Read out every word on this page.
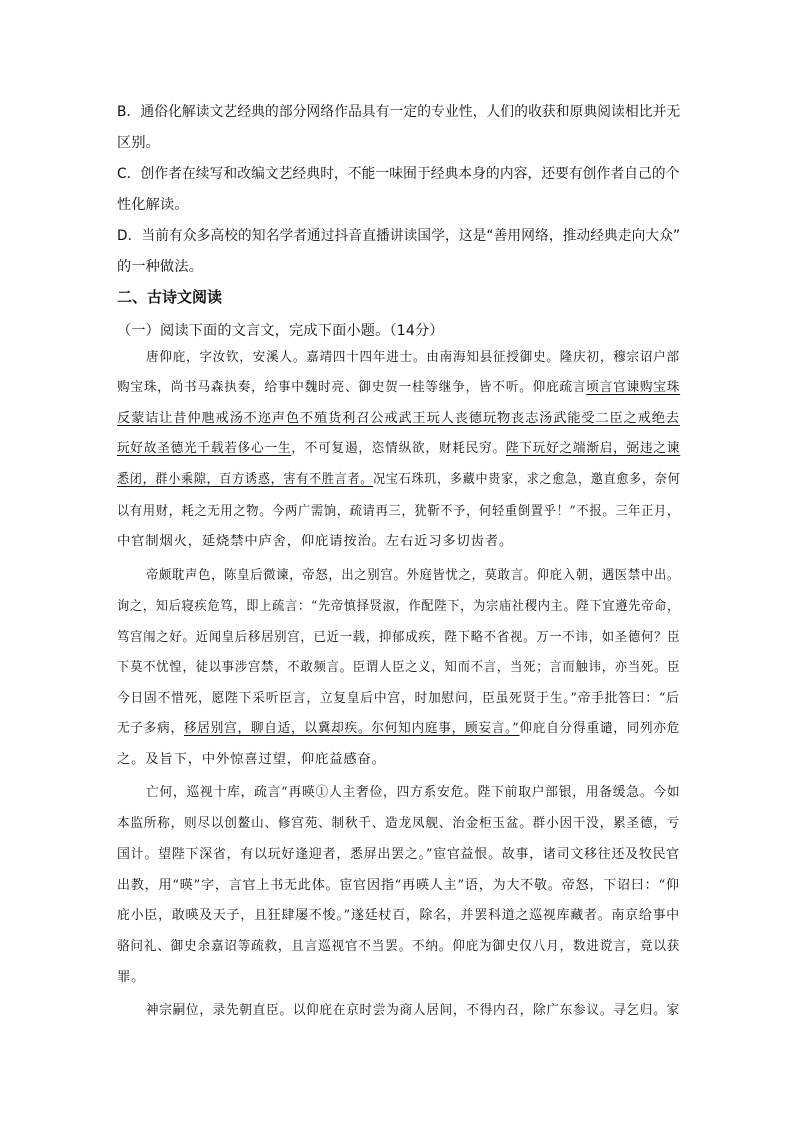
B．通俗化解读文艺经典的部分网络作品具有一定的专业性，人们的收获和原典阅读相比并无
区别。
C．创作者在续写和改编文艺经典时，不能一味囿于经典本身的内容，还要有创作者自己的个
性化解读。
D．当前有众多高校的知名学者通过抖音直播讲读国学，这是“善用网络，推动经典走向大众”
的一种做法。
二、古诗文阅读
（一）阅读下面的文言文，完成下面小题。（14分）
唐仰庇，字汝钦，安溪人。嘉靖四十四年进士。由南海知县征授御史。隆庆初，穆宗诏户部
购宝珠，尚书马森执奏，给事中魏时亮、御史贺一桂等继争，皆不听。仰庇疏言顷言官谏购宝珠
反蒙诘让昔仲虺戒汤不迩声色不殖货利召公戒武王玩人丧德玩物丧志汤武能受二臣之戒绝去
玩好故圣德光千载若侈心一生，不可复遏，恣情纵欲，财耗民穷。陛下玩好之端渐启，弼违之谏
悉闭，群小乘隙，百方诱惑，害有不胜言者。况宝石珠玑，多藏中贵家，求之愈急，邀直愈多，奈何
以有用财，耗之无用之物。今两广需饷，疏请再三，犹靳不予，何轻重倒置乎！”不报。三年正月，
中官制烟火，延烧禁中庐舍，仰庇请按治。左右近习多切齿者。
帝颇耽声色，陈皇后微谏，帝怒，出之别宫。外庭皆忧之，莫敢言。仰庇入朝，遇医禁中出。
询之，知后寝疾危笃，即上疏言：“先帝慎择贤淑，作配陛下，为宗庙社稷内主。陛下宜遵先帝命，
笃宫闱之好。近闻皇后移居别宫，已近一载，抑郁成疾，陛下略不省视。万一不讳，如圣德何？臣
下莫不忧惶，徒以事涉宫禁，不敢频言。臣谓人臣之义，知而不言，当死；言而触讳，亦当死。臣
今日固不惜死，愿陛下采听臣言，立复皇后中宫，时加慰问，臣虽死贤于生。”帝手批答曰：“后
无子多病，移居别宫，聊自适，以冀却疾。尔何知内庭事，顾妄言。”仰庇自分得重谴，同列亦危
之。及旨下，中外惊喜过望，仰庇益感奋。
亡何，巡视十库，疏言“再暎①人主奢俭，四方系安危。陛下前取户部银，用备缓急。今如
本监所称，则尽以创鳌山、修宫苑、制秋千、造龙凤舰、治金柜玉盆。群小因干没，累圣德，亏
国计。望陛下深省，有以玩好逢迎者，悉屏出罢之。”宦官益恨。故事，诸司文移往还及牧民官
出教，用“暎”字，言官上书无此体。宦官因指“再暎人主”语，为大不敬。帝怒，下诏曰：“仰
庇小臣，敢暎及天子，且狂肆屡不悛。”遂廷杖百，除名，并罢科道之巡视库藏者。南京给事中
骆问礼、御史余嘉诏等疏救，且言巡视官不当罢。不纳。仰庇为御史仅八月，数进谠言，竟以获
罪。
神宗嗣位，录先朝直臣。以仰庇在京时尝为商人居间，不得内召，除广东参议。寻乞归。家
